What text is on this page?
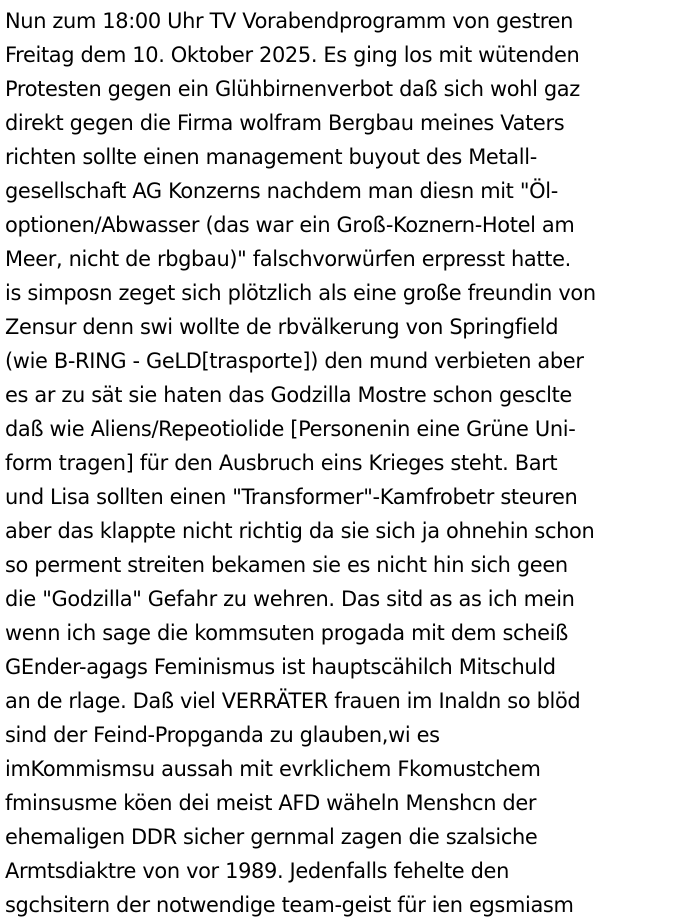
Nun zum 18:00 Uhr TV Vorabendprogramm von gestren
Freitag dem 10. Oktober 2025. Es ging los mit wütenden
Protesten gegen ein Glühbirnenverbot daß sich wohl gaz
direkt gegen die Firma wolfram Bergbau meines Vaters
richten sollte einen management buyout des Metall-
gesellschaft AG Konzerns nachdem man diesn mit "Öl-
optionen/Abwasser (das war ein Groß-Koznern-Hotel am
Meer, nicht de rbgbau)" falschvorwürfen erpresst hatte.
is simposn zeget sich plötzlich als eine große freundin von
Zensur denn swi wollte de rbvälkerung von Springfield
(wie B-RING - GeLD[trasporte]) den mund verbieten aber
es ar zu sät sie haten das Godzilla Mostre schon gesclte
daß wie Aliens/Repeotiolide [Personenin eine Grüne Uni-
form tragen] für den Ausbruch eins Krieges steht. Bart
und Lisa sollten einen "Transformer"-Kamfrobetr steuren
aber das klappte nicht richtig da sie sich ja ohnehin schon
so perment streiten bekamen sie es nicht hin sich geen
die "Godzilla" Gefahr zu wehren. Das sitd as as ich mein
wenn ich sage die kommsuten progada mit dem scheiß
GEnder-agags Feminismus ist hauptscähilch Mitschuld
an de rlage. Daß viel VERRÄTER frauen im Inaldn so blöd
sind der Feind-Propganda zu glauben,wi es
imKommismsu aussah mit evrklichem Fkomustchem
fminsusme köen dei meist AFD wäheln Menshcn der
ehemaligen DDR sicher gernmal zagen die szalsiche
Armtsdiaktre von vor 1989. Jedenfalls fehelte den
sgchsitern der notwendige team-geist für ien egsmiasm
